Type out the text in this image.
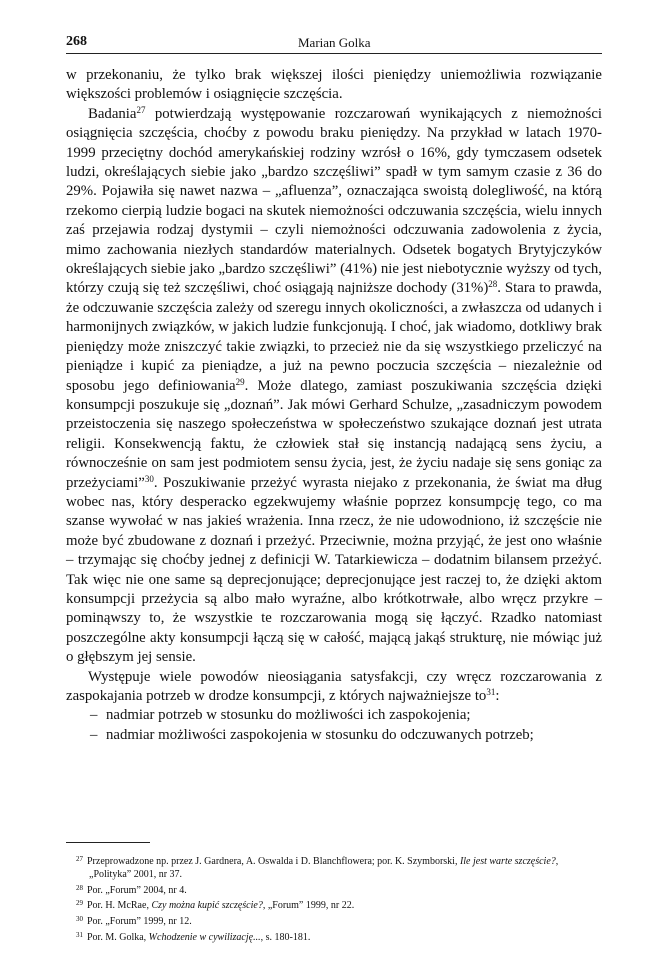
268	Marian Golka

w przekonaniu, że tylko brak większej ilości pieniędzy uniemożliwia rozwiązanie większości problemów i osiągnięcie szczęścia.

Badania$^{27}$ potwierdzają występowanie rozczarowań wynikających z niemożności osiągnięcia szczęścia, choćby z powodu braku pieniędzy. Na przykład w latach 1970-1999 przeciętny dochód amerykańskiej rodziny wzrósł o 16%, gdy tymczasem odsetek ludzi, określających siebie jako „bardzo szczęśliwi” spadł w tym samym czasie z 36 do 29%. Pojawiła się nawet nazwa – „afluenza”, oznaczająca swoistą dolegliwość, na którą rzekomo cierpią ludzie bogaci na skutek niemożności odczuwania szczęścia, wielu innych zaś przejawia rodzaj dystymii – czyli niemożności odczuwania zadowolenia z życia, mimo zachowania niezłych standardów materialnych. Odsetek bogatych Brytyjczyków określających siebie jako „bardzo szczęśliwi” (41%) nie jest niebotycznie wyższy od tych, którzy czują się też szczęśliwi, choć osiągają najniższe dochody $(31\%)^{28}$. Stara to prawda, że odczuwanie szczęścia zależy od szeregu innych okoliczności, a zwłaszcza od udanych i harmonijnych związków, w jakich ludzie funkcjonują. I choć, jak wiadomo, dotkliwy brak pieniędzy może zniszczyć takie związki, to przecież nie da się wszystkiego przeliczyć na pieniądze i kupić za pieniądze, a już na pewno poczucia szczęścia – niezależnie od sposobu jego definiowania$^{29}$. Może dlatego, zamiast poszukiwania szczęścia dzięki konsumpcji poszukuje się „doznań”. Jak mówi Gerhard Schulze, „zasadniczym powodem przeistoczenia się naszego społeczeństwa w społeczeństwo szukające doznań jest utrata religii. Konsekwencją faktu, że człowiek stał się instancją nadającą sens życiu, a równocześnie on sam jest podmiotem sensu życia, jest, że życiu nadaje się sens goniąc za przeżyciami”$^{30}$. Poszukiwanie przeżyć wyrasta niejako z przekonania, że świat ma dług wobec nas, który desperacko egzekwujemy właśnie poprzez konsumpcję tego, co ma szanse wywołać w nas jakieś wrażenia. Inna rzecz, że nie udowodniono, iż szczęście nie może być zbudowane z doznań i przeżyć. Przeciwnie, można przyjąć, że jest ono właśnie – trzymając się choćby jednej z definicji W. Tatarkiewicza – dodatnim bilansem przeżyć. Tak więc nie one same są deprecjonujące; deprecjonujące jest raczej to, że dzięki aktom konsumpcji przeżycia są albo mało wyraźne, albo krótkotrwałe, albo wręcz przykre – pominąwszy to, że wszystkie te rozczarowania mogą się łączyć. Rzadko natomiast poszczególne akty konsumpcji łączą się w całość, mającą jakąś strukturę, nie mówiąc już o głębszym jej sensie.

Występuje wiele powodów nieosiągania satysfakcji, czy wręcz rozczarowania z zaspokajania potrzeb w drodze konsumpcji, z których najważniejsze $to^{31}$:

– nadmiar potrzeb w stosunku do możliwości ich zaspokojenia;
– nadmiar możliwości zaspokojenia w stosunku do odczuwanych potrzeb;
27 Przeprowadzone np. przez J. Gardnera, A. Oswalda i D. Blanchflowera; por. K. Szymborski, Ile jest warte szczęście?, „Polityka” 2001, nr 37.
28 Por. „Forum” 2004, nr 4.
29 Por. H. McRae, Czy można kupić szczęście?, „Forum” 1999, nr 22.
30 Por. „Forum” 1999, nr 12.
31 Por. M. Golka, Wchodzenie w cywilizację..., s. 180-181.
